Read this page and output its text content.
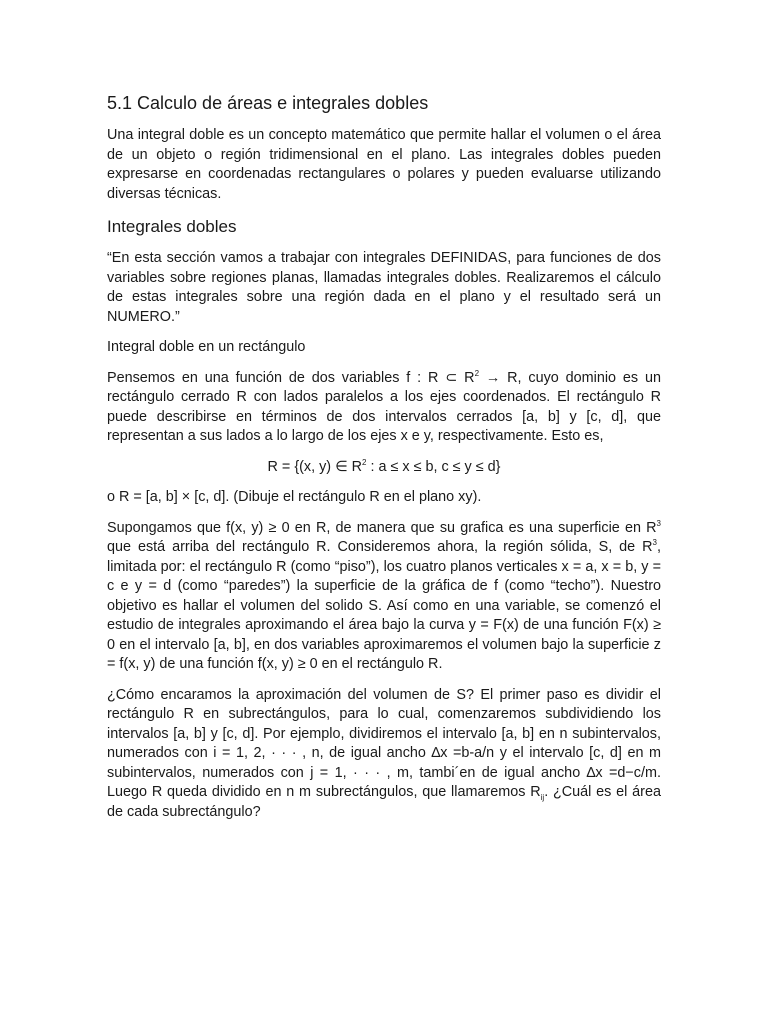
5.1 Calculo de áreas e integrales dobles

Una integral doble es un concepto matemático que permite hallar el volumen o el área de un objeto o región tridimensional en el plano. Las integrales dobles pueden expresarse en coordenadas rectangulares o polares y pueden evaluarse utilizando diversas técnicas.

Integrales dobles

“En esta sección vamos a trabajar con integrales DEFINIDAS, para funciones de dos variables sobre regiones planas, llamadas integrales dobles. Realizaremos el cálculo de estas integrales sobre una región dada en el plano y el resultado será un NUMERO.”

Integral doble en un rectángulo

Pensemos en una función de dos variables f : R ⊂ $R^2 \to R$, cuyo dominio es un rectángulo cerrado R con lados paralelos a los ejes coordenados. El rectángulo R puede describirse en términos de dos intervalos cerrados [a, b] y [c, d], que representan a sus lados a lo largo de los ejes x e y, respectivamente. Esto es,

R = {(x, y) ∈ $R^2$ : a ≤ x ≤ b, c ≤ y ≤ d}

o R = [a, b] × [c, d]. (Dibuje el rectángulo R en el plano xy).

Supongamos que f(x, y) ≥ 0 en R, de manera que su grafica es una superficie en $R^3$ que está arriba del rectángulo R. Consideremos ahora, la región sólida, S, de $R^3$, limitada por: el rectángulo R (como “piso”), los cuatro planos verticales x = a, x = b, y = c e y = d (como “paredes”) la superficie de la gráfica de f (como “techo”). Nuestro objetivo es hallar el volumen del solido S. Así como en una variable, se comenzó el estudio de integrales aproximando el área bajo la curva y = F(x) de una función F(x) ≥ 0 en el intervalo [a, b], en dos variables aproximaremos el volumen bajo la superficie z = f(x, y) de una función f(x, y) ≥ 0 en el rectángulo R.

¿Cómo encaramos la aproximación del volumen de S? El primer paso es dividir el rectángulo R en subrectángulos, para lo cual, comenzaremos subdividiendo los intervalos [a, b] y [c, d]. Por ejemplo, dividiremos el intervalo [a, b] en n subintervalos, numerados con i = 1, 2, · · · , n, de igual ancho ∆x =b-a/n y el intervalo [c, d] en m subintervalos, numerados con j = 1, · · · , m, tambi´en de igual ancho ∆x =d−c/m. Luego R queda dividido en n m subrectángulos, que llamaremos $R_{ij}$. ¿Cuál es el área de cada subrectángulo?
